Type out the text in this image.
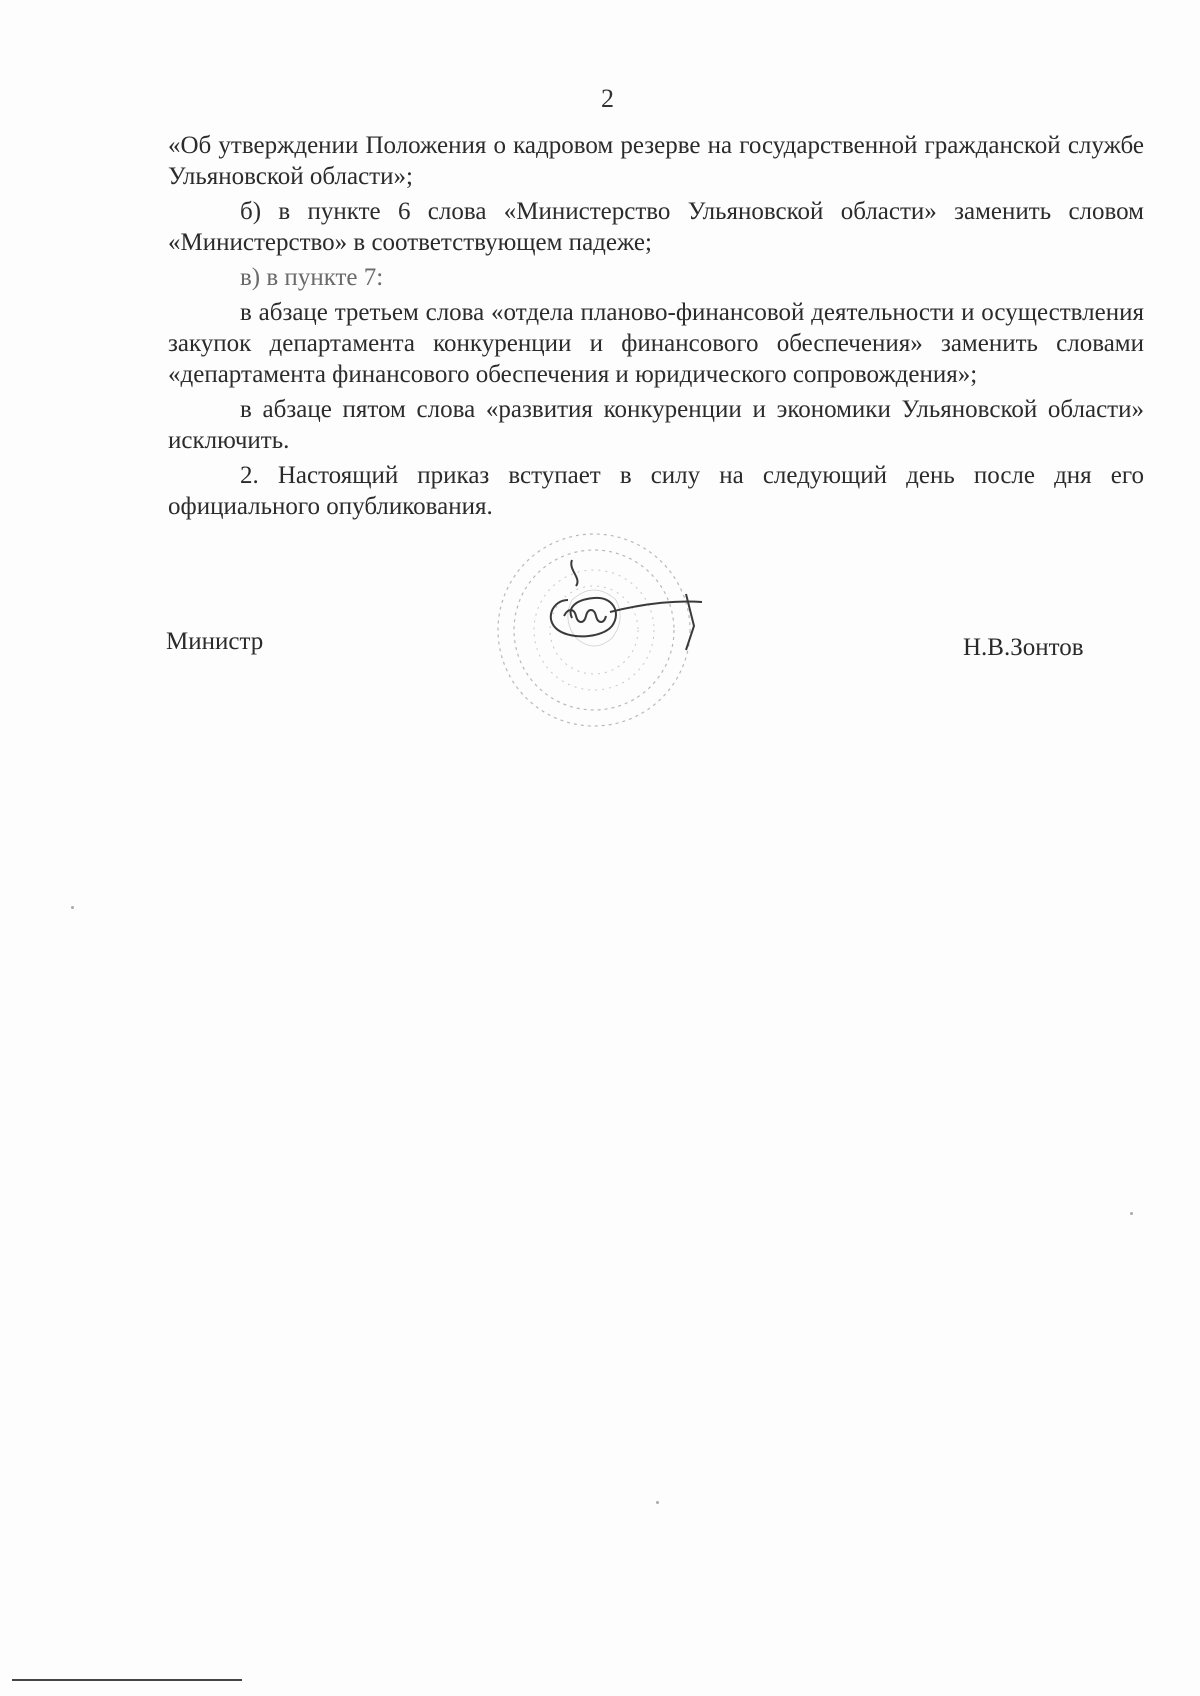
2

«Об утверждении Положения о кадровом резерве на государственной гражданской службе Ульяновской области»;

б) в пункте 6 слова «Министерство Ульяновской области» заменить словом «Министерство» в соответствующем падеже;

в) в пункте 7:

в абзаце третьем слова «отдела планово-финансовой деятельности и осуществления закупок департамента конкуренции и финансового обеспечения» заменить словами «департамента финансового обеспечения и юридического сопровождения»;

в абзаце пятом слова «развития конкуренции и экономики Ульяновской области» исключить.

2. Настоящий приказ вступает в силу на следующий день после дня его официального опубликования.

Министр	Н.В.Зонтов
